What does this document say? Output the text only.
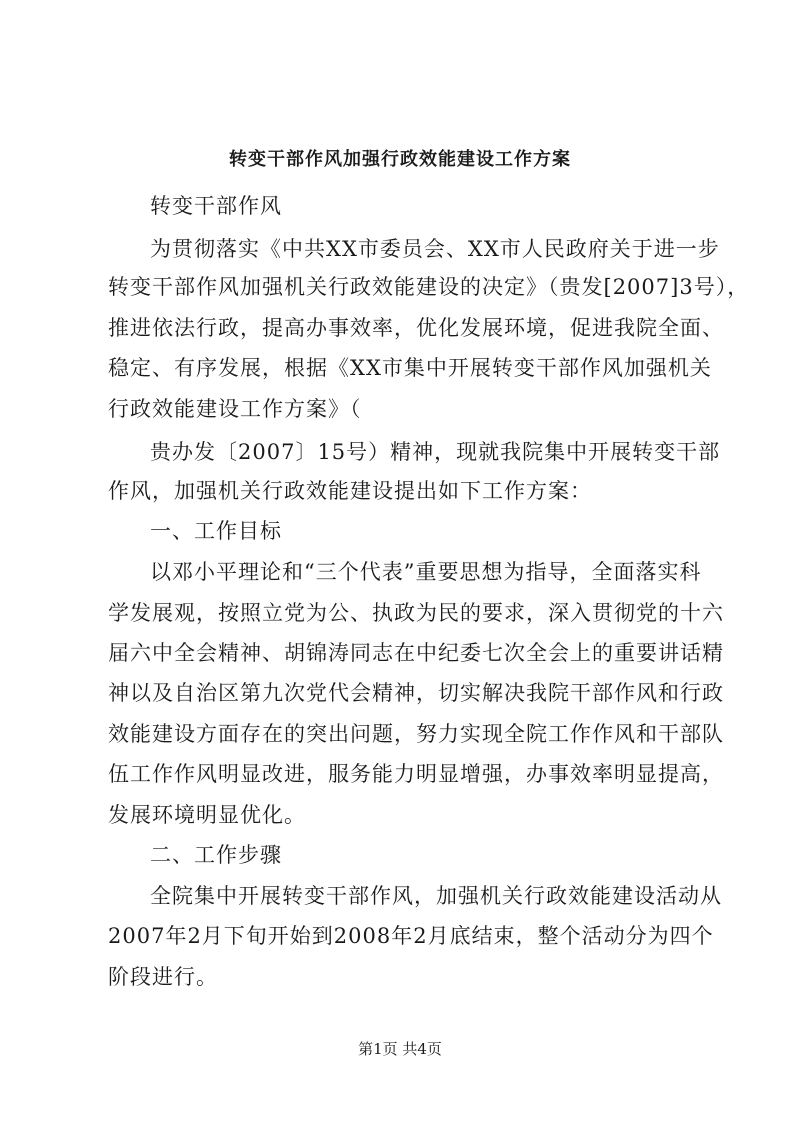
转变干部作风加强行政效能建设工作方案
转变干部作风
为贯彻落实《中共XX市委员会、XX市人民政府关于进一步
转变干部作风加强机关行政效能建设的决定》（贵发[2007]3号），
推进依法行政，提高办事效率，优化发展环境，促进我院全面、
稳定、有序发展，根据《XX市集中开展转变干部作风加强机关
行政效能建设工作方案》（
贵办发〔2007〕15号）精神，现就我院集中开展转变干部
作风，加强机关行政效能建设提出如下工作方案：
一、工作目标
以邓小平理论和“三个代表”重要思想为指导，全面落实科
学发展观，按照立党为公、执政为民的要求，深入贯彻党的十六
届六中全会精神、胡锦涛同志在中纪委七次全会上的重要讲话精
神以及自治区第九次党代会精神，切实解决我院干部作风和行政
效能建设方面存在的突出问题，努力实现全院工作作风和干部队
伍工作作风明显改进，服务能力明显增强，办事效率明显提高，
发展环境明显优化。
二、工作步骤
全院集中开展转变干部作风，加强机关行政效能建设活动从
2007年2月下旬开始到2008年2月底结束，整个活动分为四个
阶段进行。
第1页 共4页
